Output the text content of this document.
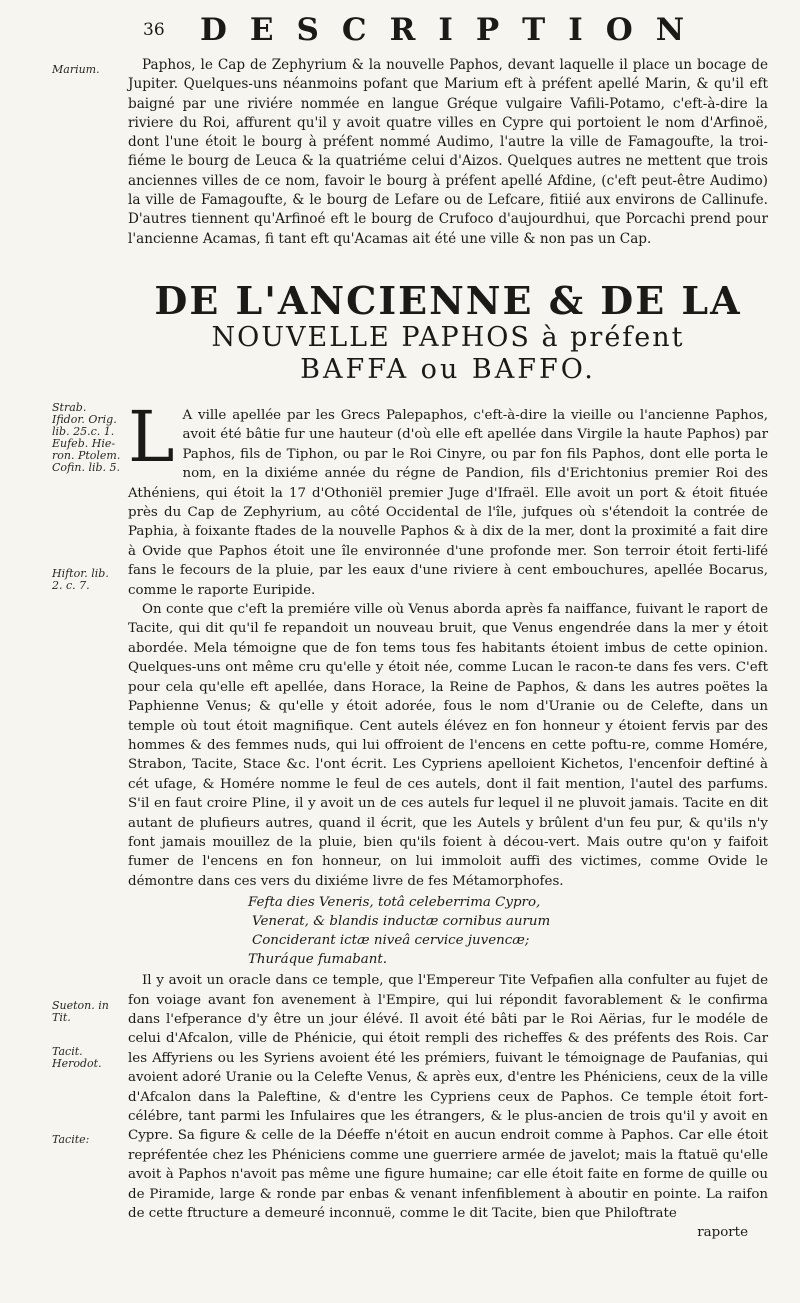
36 DESCRIPTION
Marium.
Strab. Ifidor. Orig. lib. 25.c. 1. Eufeb. Hie-ron. Ptolem. Cofin. lib. 5.
Hiftor. lib. 2. c. 7.
Sueton. in Tit.
Tacit. Herodot.
Tacite:

Paphos, le Cap de Zephyrium & la nouvelle Paphos, devant laquelle il place un bocage de Jupiter. Quelques-uns néanmoins pofant que Marium eft à préfent apellé Marin, & qu'il eft baigné par une riviére nommée en langue Gréque vulgaire Vafili-Potamo, c'eft-à-dire la riviere du Roi, affurent qu'il y avoit quatre villes en Cypre qui portoient le nom d'Arfinoë, dont l'une étoit le bourg à préfent nommé Audimo, l'autre la ville de Famagoufte, la troi-fiéme le bourg de Leuca & la quatriéme celui d'Aizos. Quelques autres ne mettent que trois anciennes villes de ce nom, favoir le bourg à préfent apellé Afdine, (c'eft peut-être Audimo) la ville de Famagoufte, & le bourg de Lefare ou de Lefcare, fitiié aux environs de Callinufe. D'autres tiennent qu'Arfinoé eft le bourg de Crufoco d'aujourdhui, que Porcachi prend pour l'ancienne Acamas, fi tant eft qu'Acamas ait été une ville & non pas un Cap.

DE L'ANCIENNE & DE LA
NOUVELLE PAPHOS à préfent
BAFFA ou BAFFO.

L A ville apellée par les Grecs Palepaphos, c'eft-à-dire la vieille ou l'ancienne Paphos, avoit été bâtie fur une hauteur (d'où elle eft apellée dans Virgile la haute Paphos) par Paphos, fils de Tiphon, ou par le Roi Cinyre, ou par fon fils Paphos, dont elle porta le nom, en la dixiéme année du régne de Pandion, fils d'Erichtonius premier Roi des Athéniens, qui étoit la 17 d'Othoniël premier Juge d'Ifraël. Elle avoit un port & étoit fituée près du Cap de Zephyrium, au côté Occidental de l'île, jufques où s'étendoit la contrée de Paphia, à foixante ftades de la nouvelle Paphos & à dix de la mer, dont la proximité a fait dire à Ovide que Paphos étoit une île environnée d'une profonde mer. Son terroir étoit ferti-lifé fans le fecours de la pluie, par les eaux d'une riviere à cent embouchures, apellée Bocarus, comme le raporte Euripide.

On conte que c'eft la premiére ville où Venus aborda après fa naiffance, fuivant le raport de Tacite, qui dit qu'il fe repandoit un nouveau bruit, que Venus engendrée dans la mer y étoit abordée. Mela témoigne que de fon tems tous fes habitants étoient imbus de cette opinion. Quelques-uns ont même cru qu'elle y étoit née, comme Lucan le racon-te dans fes vers. C'eft pour cela qu'elle eft apellée, dans Horace, la Reine de Paphos, & dans les autres poëtes la Paphienne Venus; & qu'elle y étoit adorée, fous le nom d'Uranie ou de Celefte, dans un temple où tout étoit magnifique. Cent autels élévez en fon honneur y étoient fervis par des hommes & des femmes nuds, qui lui offroient de l'encens en cette poftu-re, comme Homére, Strabon, Tacite, Stace &c. l'ont écrit. Les Cypriens apelloient Kichetos, l'encenfoir deftiné à cét ufage, & Homére nomme le feul de ces autels, dont il fait mention, l'autel des parfums. S'il en faut croire Pline, il y avoit un de ces autels fur lequel il ne pluvoit jamais. Tacite en dit autant de plufieurs autres, quand il écrit, que les Autels y brûlent d'un feu pur, & qu'ils n'y font jamais mouillez de la pluie, bien qu'ils foient à décou-vert. Mais outre qu'on y faifoit fumer de l'encens en fon honneur, on lui immoloit auffi des victimes, comme Ovide le démontre dans ces vers du dixiéme livre de fes Métamorphofes.

Fefta dies Veneris, totâ celeberrima Cypro,
Venerat, & blandis inductæ cornibus aurum
Conciderant ictæ niveâ cervice juvencæ;
Thuráque fumabant.

Il y avoit un oracle dans ce temple, que l'Empereur Tite Vefpafien alla confulter au fujet de fon voiage avant fon avenement à l'Empire, qui lui répondit favorablement & le confirma dans l'efperance d'y être un jour élévé. Il avoit été bâti par le Roi Aërias, fur le modéle de celui d'Afcalon, ville de Phénicie, qui étoit rempli des richeffes & des préfents des Rois. Car les Affyriens ou les Syriens avoient été les prémiers, fuivant le témoignage de Paufanias, qui avoient adoré Uranie ou la Celefte Venus, & après eux, d'entre les Phéniciens, ceux de la ville d'Afcalon dans la Paleftine, & d'entre les Cypriens ceux de Paphos. Ce temple étoit fort-célébre, tant parmi les Infulaires que les étrangers, & le plus-ancien de trois qu'il y avoit en Cypre. Sa figure & celle de la Déeffe n'étoit en aucun endroit comme à Paphos. Car elle étoit repréfentée chez les Phéniciens comme une guerriere armée de javelot; mais la ftatuë qu'elle avoit à Paphos n'avoit pas même une figure humaine; car elle étoit faite en forme de quille ou de Piramide, large & ronde par enbas & venant infenfiblement à aboutir en pointe. La raifon de cette ftructure a demeuré inconnuë, comme le dit Tacite, bien que Philoftrate

raporte
